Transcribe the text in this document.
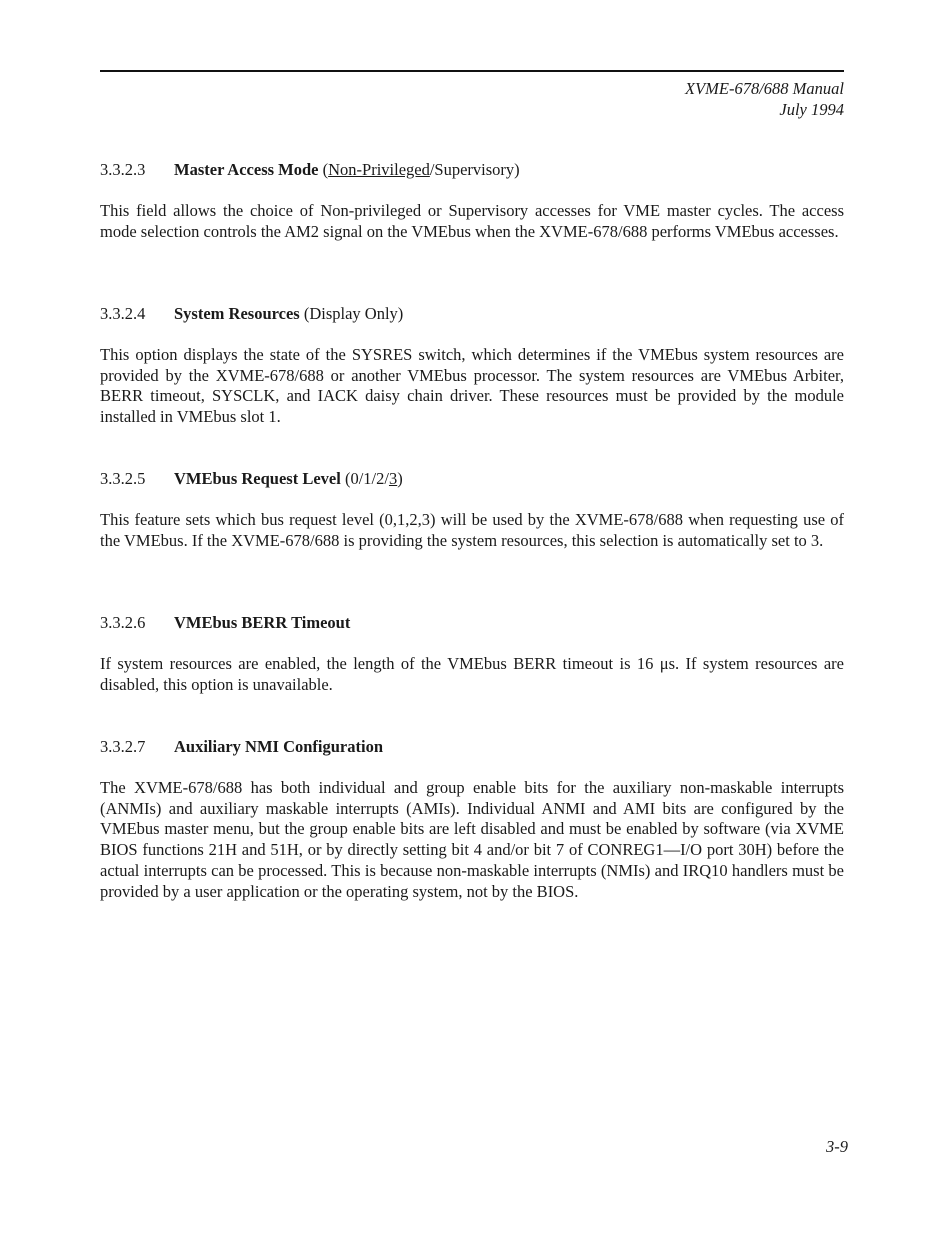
XVME-678/688 Manual
July 1994
3.3.2.3 Master Access Mode (Non-Privileged/Supervisory)
This field allows the choice of Non-privileged or Supervisory accesses for VME master cycles. The access mode selection controls the AM2 signal on the VMEbus when the XVME-678/688 performs VMEbus accesses.
3.3.2.4 System Resources (Display Only)
This option displays the state of the SYSRES switch, which determines if the VMEbus system resources are provided by the XVME-678/688 or another VMEbus processor. The system resources are VMEbus Arbiter, BERR timeout, SYSCLK, and IACK daisy chain driver. These resources must be provided by the module installed in VMEbus slot 1.
3.3.2.5 VMEbus Request Level (0/1/2/3)
This feature sets which bus request level (0,1,2,3) will be used by the XVME-678/688 when requesting use of the VMEbus. If the XVME-678/688 is providing the system resources, this selection is automatically set to 3.
3.3.2.6 VMEbus BERR Timeout
If system resources are enabled, the length of the VMEbus BERR timeout is 16 μs. If system resources are disabled, this option is unavailable.
3.3.2.7 Auxiliary NMI Configuration
The XVME-678/688 has both individual and group enable bits for the auxiliary non-maskable interrupts (ANMIs) and auxiliary maskable interrupts (AMIs). Individual ANMI and AMI bits are configured by the VMEbus master menu, but the group enable bits are left disabled and must be enabled by software (via XVME BIOS functions 21H and 51H, or by directly setting bit 4 and/or bit 7 of CONREG1—I/O port 30H) before the actual interrupts can be processed. This is because non-maskable interrupts (NMIs) and IRQ10 handlers must be provided by a user application or the operating system, not by the BIOS.
3-9
